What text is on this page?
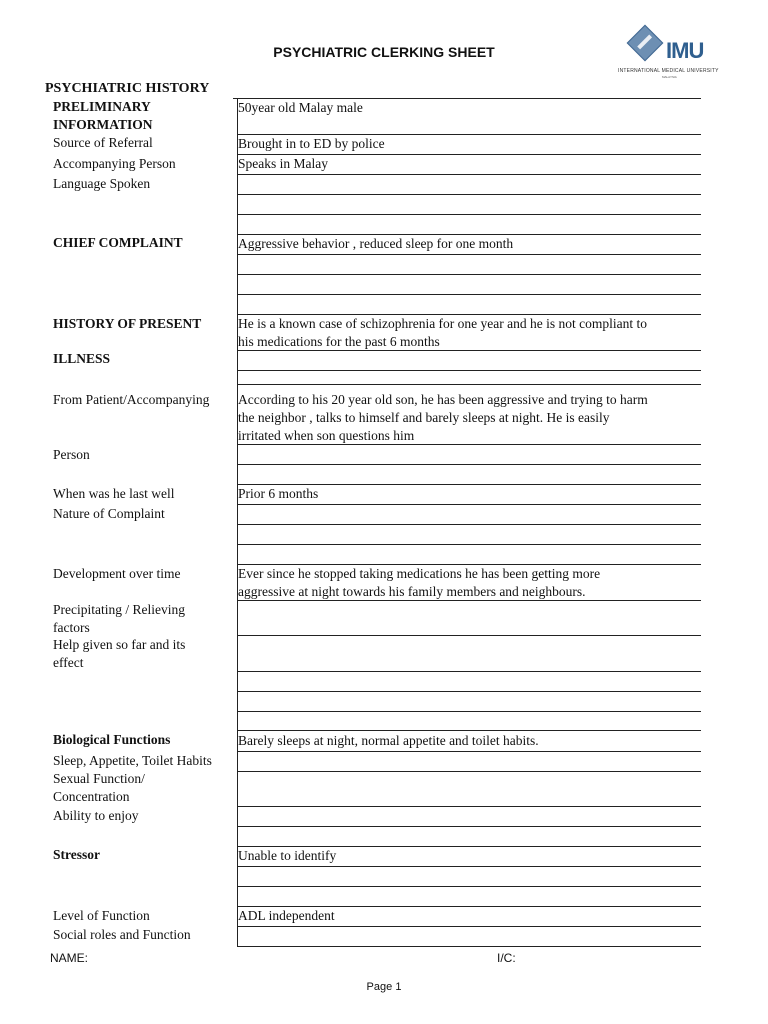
PSYCHIATRIC CLERKING SHEET	IMU
INTERNATIONAL MEDICAL UNIVERSITY
MALAYSIA
PSYCHIATRIC HISTORY
PRELIMINARY
INFORMATION
Source of Referral
Accompanying Person
Language Spoken
CHIEF COMPLAINT
HISTORY OF PRESENT
ILLNESS
From Patient/Accompanying
Person
When was he last well
Nature of Complaint
Development over time
Precipitating / Relieving
factors
Help given so far and its
effect
Biological Functions
Sleep, Appetite, Toilet Habits
Sexual Function/
Concentration
Ability to enjoy
Stressor
Level of Function
Social roles and Function
50year old Malay male
Brought in to ED by police
Speaks in Malay
Aggressive behavior , reduced sleep for one month
He is a known case of schizophrenia for one year and he is not compliant to
his medications for the past 6 months
According to his 20 year old son, he has been aggressive and trying to harm
the neighbor , talks to himself and barely sleeps at night. He is easily
irritated when son questions him
Prior 6 months
Ever since he stopped taking medications he has been getting more
aggressive at night towards his family members and neighbours.
Barely sleeps at night, normal appetite and toilet habits.
Unable to identify
ADL independent
NAME:	I/C:
Page 1
